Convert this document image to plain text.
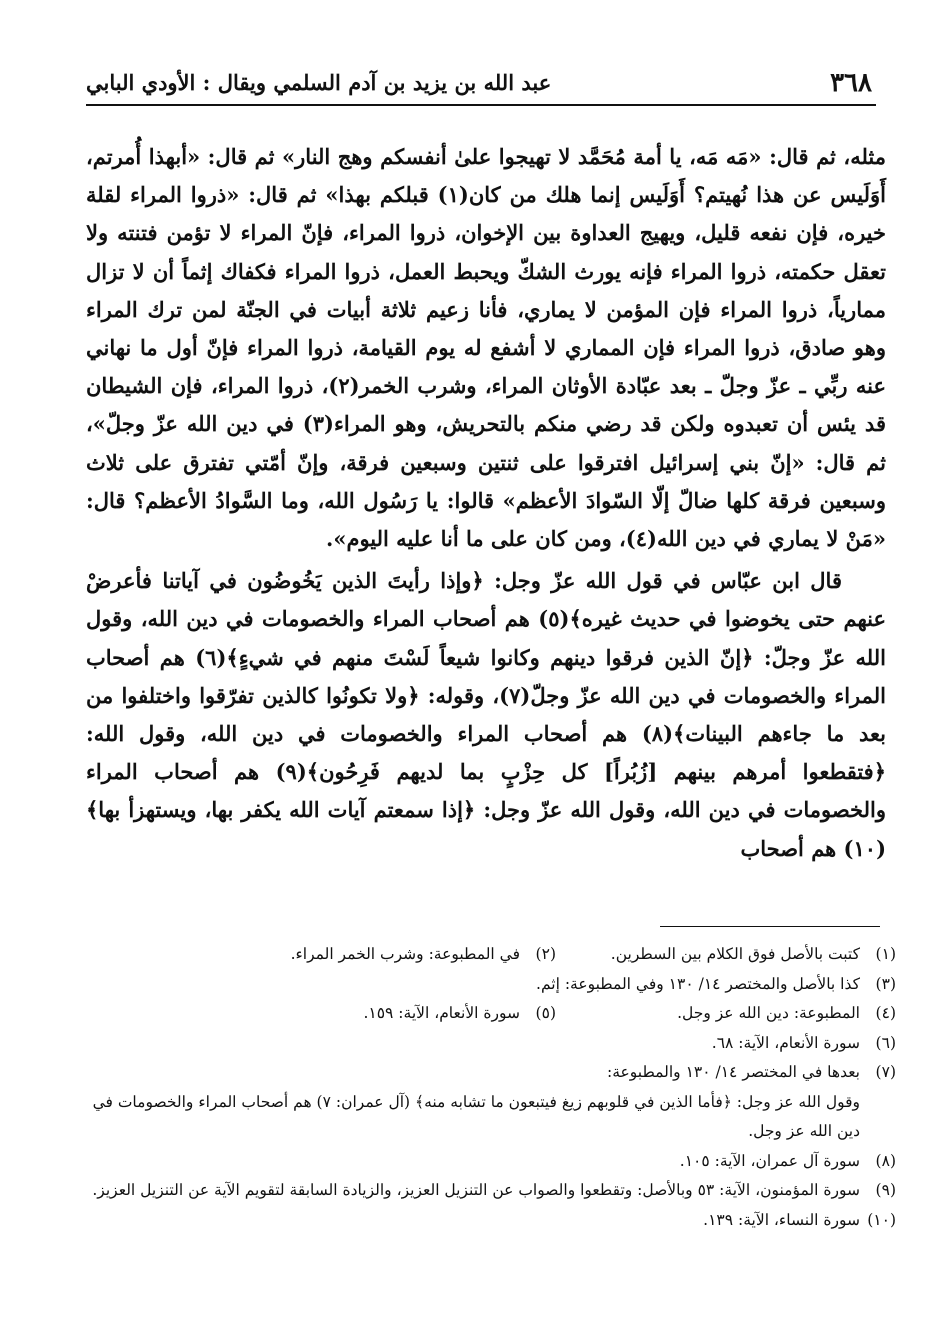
٣٦٨
عبد الله بن يزيد بن آدم السلمي ويقال : الأودي البابي

مثله، ثم قال: «مَه مَه، يا أمة مُحَمَّد لا تهيجوا علىٰ أنفسكم وهج النار» ثم قال: «أبهذا أُمرتم، أَوَلَيس عن هذا نُهيتم؟ أَوَلَيس إنما هلك من كان(١) قبلكم بهذا» ثم قال: «ذروا المراء لقلة خيره، فإن نفعه قليل، ويهيج العداوة بين الإخوان، ذروا المراء، فإنّ المراء لا تؤمن فتنته ولا تعقل حكمته، ذروا المراء فإنه يورث الشكّ ويحبط العمل، ذروا المراء فكفاك إثماً أن لا تزال ممارياً، ذروا المراء فإن المؤمن لا يماري، فأنا زعيم ثلاثة أبيات في الجنّة لمن ترك المراء وهو صادق، ذروا المراء فإن المماري لا أشفع له يوم القيامة، ذروا المراء فإنّ أول ما نهاني عنه ربِّي ـ عزّ وجلّ ـ بعد عبّادة الأوثان المراء، وشرب الخمر(٢)، ذروا المراء، فإن الشيطان قد يئس أن تعبدوه ولكن قد رضي منكم بالتحريش، وهو المراء(٣) في دين الله عزّ وجلّ»، ثم قال: «إنّ بني إسرائيل افترقوا على ثنتين وسبعين فرقة، وإنّ أمّتي تفترق على ثلاث وسبعين فرقة كلها ضالّ إلّا السّوادَ الأعظم» قالوا: يا رَسُول الله، وما السَّوادُ الأعظم؟ قال: «مَنْ لا يماري في دين الله(٤)، ومن كان على ما أنا عليه اليوم».

قال ابن عبّاس في قول الله عزّ وجل: ﴿وإذا رأيتَ الذين يَخُوضُون في آياتنا فأعرضْ عنهم حتى يخوضوا في حديث غيره﴾(٥) هم أصحاب المراء والخصومات في دين الله، وقول الله عزّ وجلّ: ﴿إنّ الذين فرقوا دينهم وكانوا شيعاً لَسْتَ منهم في شيءٍ﴾(٦) هم أصحاب المراء والخصومات في دين الله عزّ وجلّ(٧)، وقوله: ﴿ولا تكونُوا كالذين تفرّقوا واختلفوا من بعد ما جاءهم البينات﴾(٨) هم أصحاب المراء والخصومات في دين الله، وقول الله: ﴿فتقطعوا أمرهم بينهم [زُبُراً] كل حِزْبٍ بما لديهم فَرِحُون﴾(٩) هم أصحاب المراء والخصومات في دين الله، وقول الله عزّ وجل: ﴿إذا سمعتم آيات الله يكفر بها، ويستهزأ بها﴾(١٠) هم أصحاب

(١)
كتبت بالأصل فوق الكلام بين السطرين.
(٢)
في المطبوعة: وشرب الخمر المراء.
(٣)
كذا بالأصل والمختصر ١٤/ ١٣٠ وفي المطبوعة: إثم.
(٤)
المطبوعة: دين الله عز وجل.
(٥)
سورة الأنعام، الآية: ١٥٩.
(٦)
سورة الأنعام، الآية: ٦٨.
(٧)
بعدها في المختصر ١٤/ ١٣٠ والمطبوعة:
وقول الله عز وجل: ﴿فأما الذين في قلوبهم زيغ فيتبعون ما تشابه منه﴾ (آل عمران: ٧) هم أصحاب المراء والخصومات في دين الله عز وجل.
(٨)
سورة آل عمران، الآية: ١٠٥.
(٩)
سورة المؤمنون، الآية: ٥٣ وبالأصل: وتقطعوا والصواب عن التنزيل العزيز، والزيادة السابقة لتقويم الآية عن التنزيل العزيز.
(١٠)
سورة النساء، الآية: ١٣٩.
